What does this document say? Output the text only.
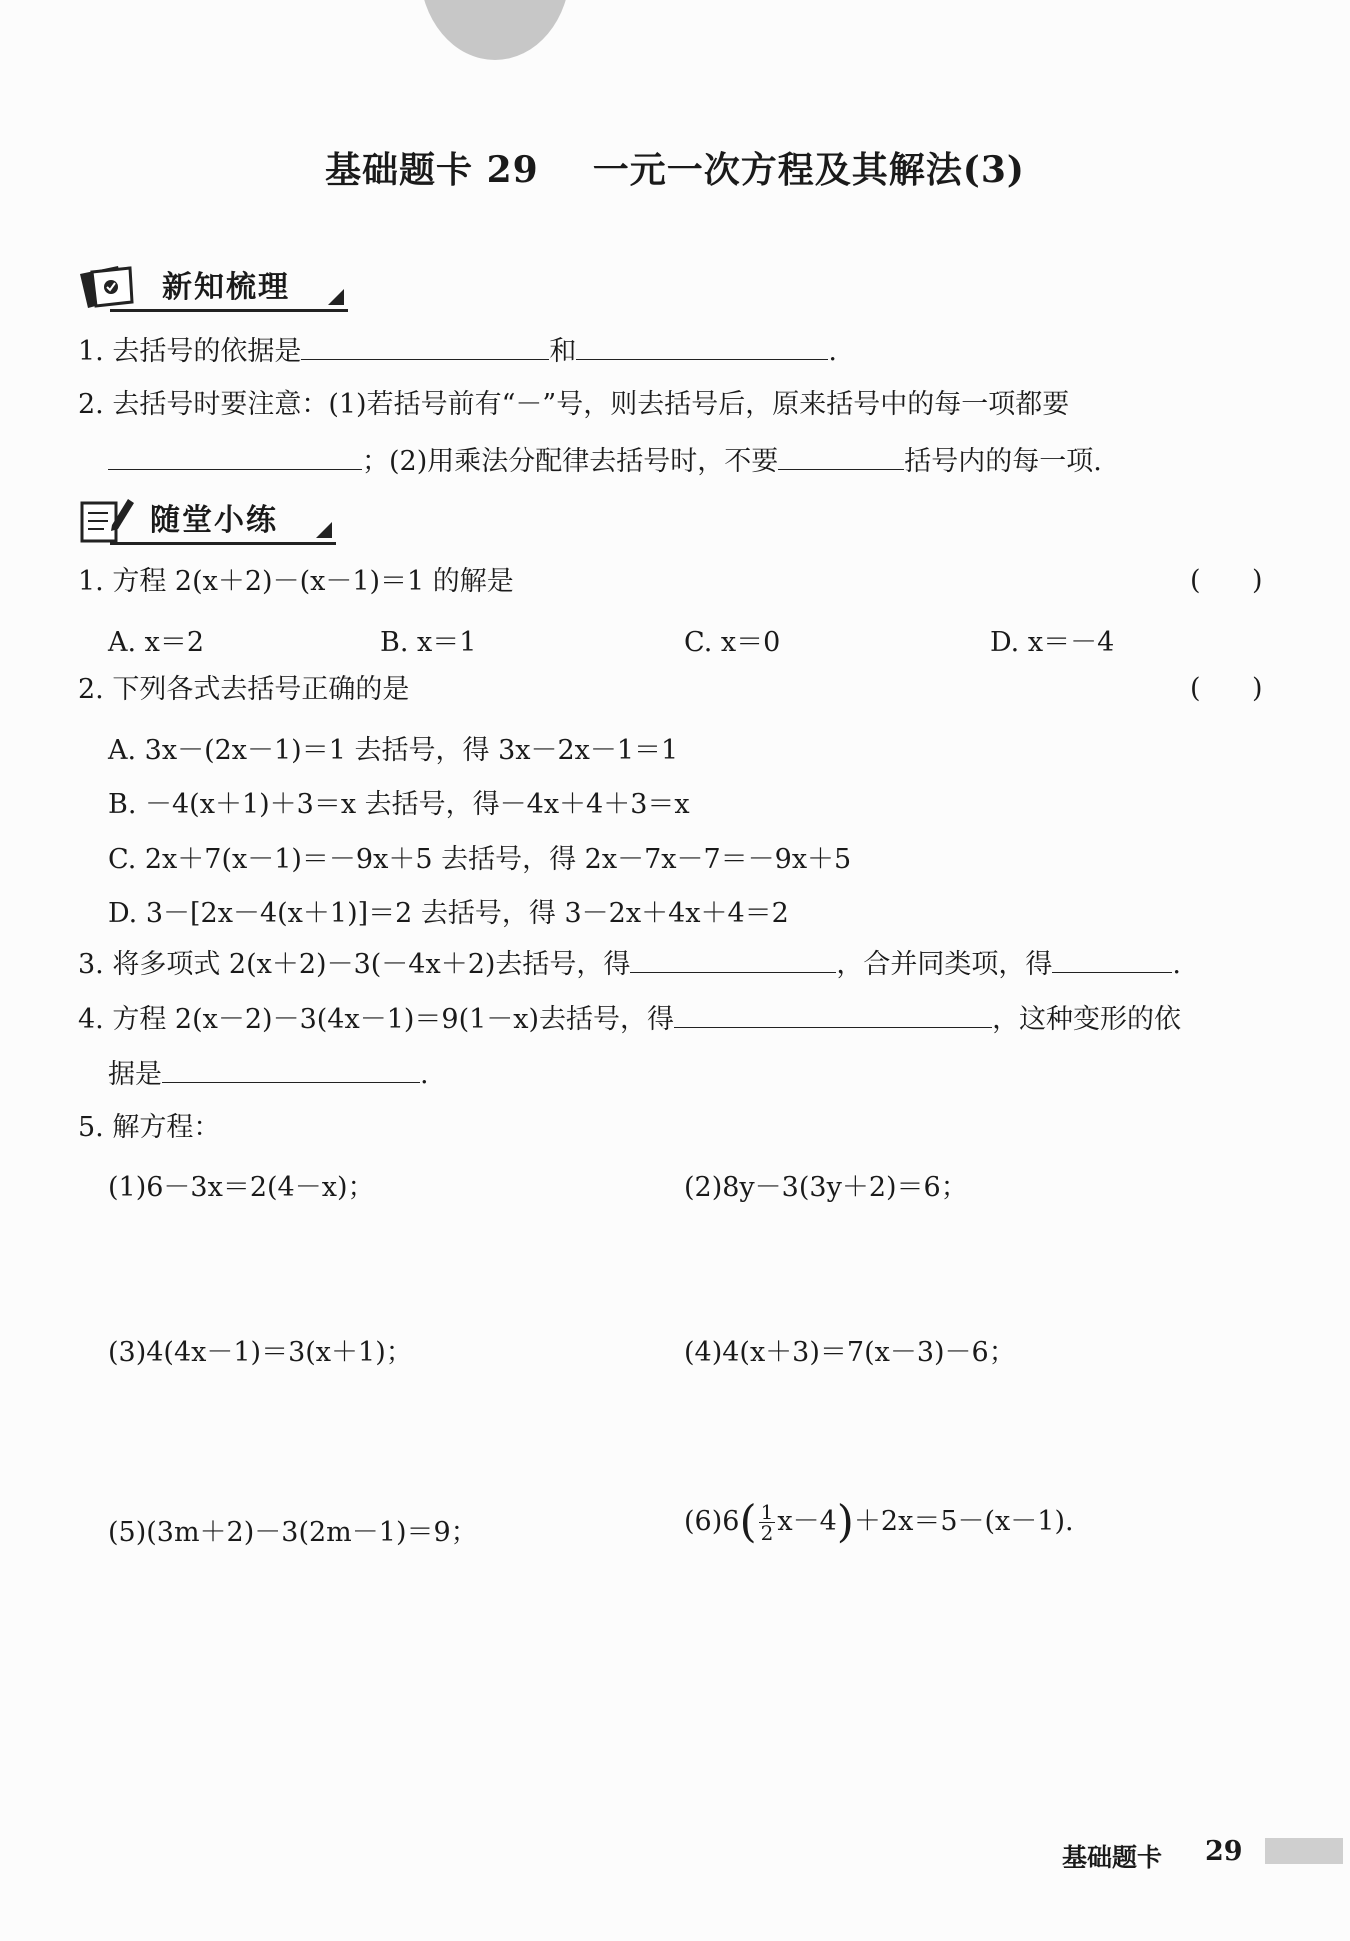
基础题卡 29    一元一次方程及其解法(3)
新知梳理
1. 去括号的依据是	和	.
2. 去括号时要注意：(1)若括号前有“－”号，则去括号后，原来括号中的每一项都要
；(2)用乘法分配律去括号时，不要	括号内的每一项.
随堂小练
1. 方程 2(x＋2)－(x－1)＝1 的解是	(      )
A. x＝2	B. x＝1	C. x＝0	D. x＝－4
2. 下列各式去括号正确的是	(      )
A. 3x－(2x－1)＝1 去括号，得 3x－2x－1＝1
B. －4(x＋1)＋3＝x 去括号，得－4x＋4＋3＝x
C. 2x＋7(x－1)＝－9x＋5 去括号，得 2x－7x－7＝－9x＋5
D. 3－[2x－4(x＋1)]＝2 去括号，得 3－2x＋4x＋4＝2
3. 将多项式 2(x＋2)－3(－4x＋2)去括号，得	，合并同类项，得	.
4. 方程 2(x－2)－3(4x－1)＝9(1－x)去括号，得	，这种变形的依
据是	.
5. 解方程：
(1)6－3x＝2(4－x)；	(2)8y－3(3y＋2)＝6；
(3)4(4x－1)＝3(x＋1)；	(4)4(x＋3)＝7(x－3)－6；
(5)(3m＋2)－3(2m－1)＝9；	$(6)6( \frac{1}{2} x-4)+2x=5-(x-1)$.
基础题卡 29
